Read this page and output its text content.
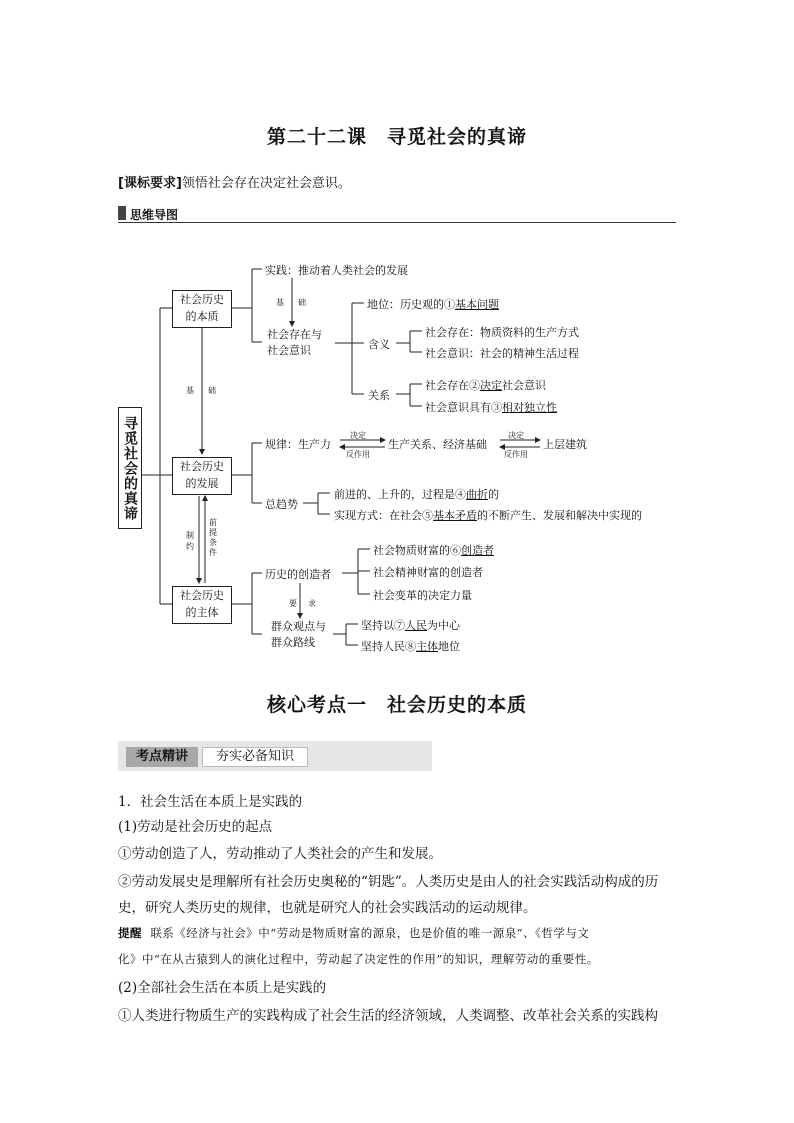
第二十二课　寻觅社会的真谛
[课标要求]领悟社会存在决定社会意识。
思维导图
寻觅社会的真谛
社会历史
的本质
社会历史
的发展
社会历史
的主体
实践：推动着人类社会的发展
基 础
社会存在与
社会意识
地位：历史观的①基本问题
含义
社会存在：物质资料的生产方式
社会意识：社会的精神生活过程
关系
社会存在②决定社会意识
社会意识具有③相对独立性
基 础
规律：生产力
决定
反作用
生产关系、经济基础
决定
反作用
上层建筑
总趋势
前进的、上升的，过程是④曲折的
实现方式：在社会⑤基本矛盾的不断产生、发展和解决中实现的
制约
前提条件
历史的创造者
社会物质财富的⑥创造者
社会精神财富的创造者
社会变革的决定力量
要 求
群众观点与
群众路线
坚持以⑦人民为中心
坚持人民⑧主体地位
核心考点一　社会历史的本质
考点精讲	夯实必备知识
1．社会生活在本质上是实践的
(1)劳动是社会历史的起点
①劳动创造了人，劳动推动了人类社会的产生和发展。
②劳动发展史是理解所有社会历史奥秘的“钥匙”。人类历史是由人的社会实践活动构成的历
史，研究人类历史的规律，也就是研究人的社会实践活动的运动规律。
提醒 联系《经济与社会》中“劳动是物质财富的源泉，也是价值的唯一源泉”、《哲学与文
化》中“在从古猿到人的演化过程中，劳动起了决定性的作用”的知识，理解劳动的重要性。
(2)全部社会生活在本质上是实践的
①人类进行物质生产的实践构成了社会生活的经济领域，人类调整、改革社会关系的实践构
